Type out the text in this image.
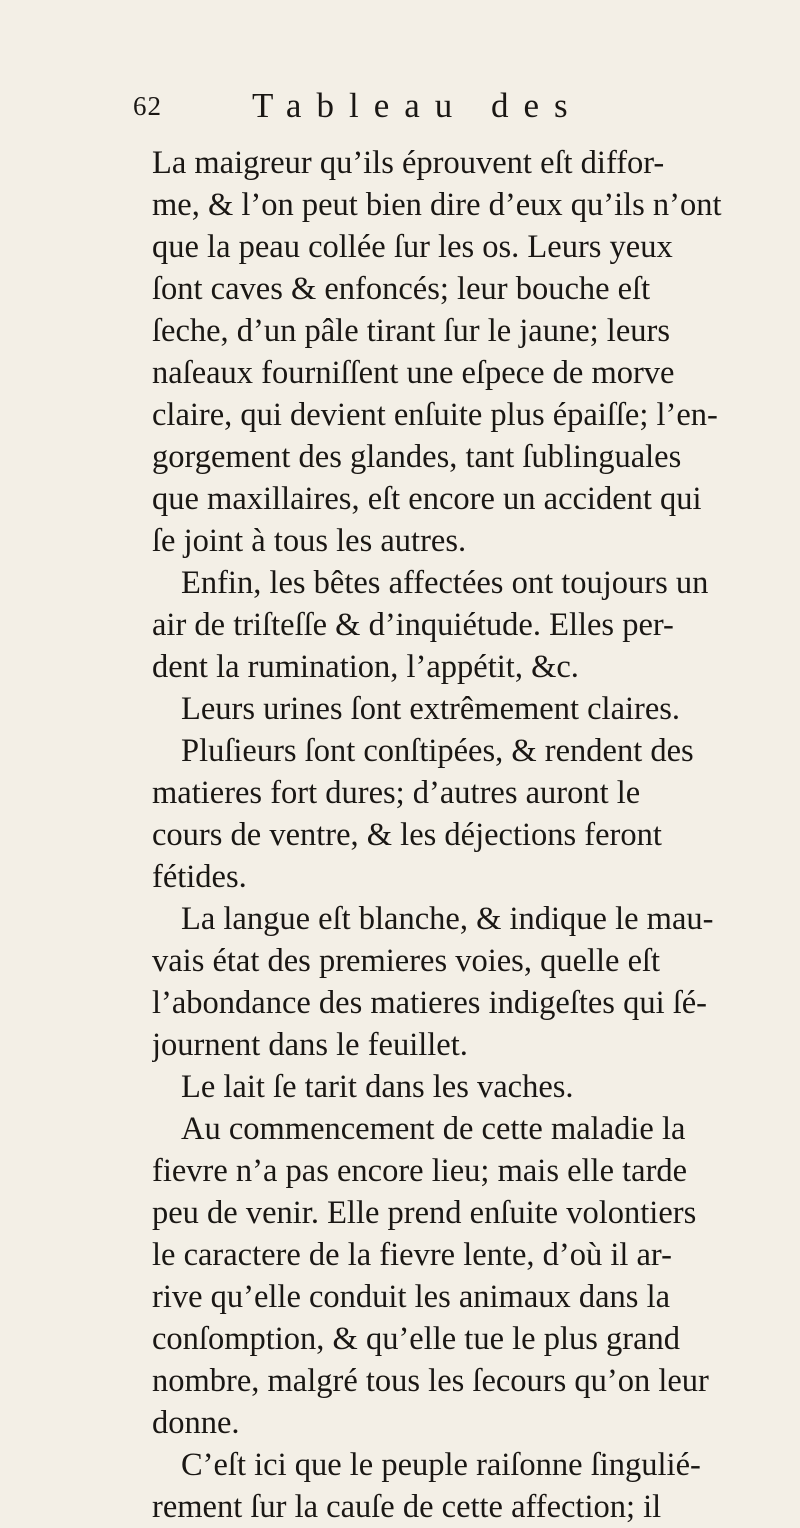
62	Tableau des
La maigreur qu’ils éprouvent eſt diffor-
me, & l’on peut bien dire d’eux qu’ils n’ont
que la peau collée ſur les os. Leurs yeux
ſont caves & enfoncés; leur bouche eſt
ſeche, d’un pâle tirant ſur le jaune; leurs
naſeaux fourniſſent une eſpece de morve
claire, qui devient enſuite plus épaiſſe; l’en-
gorgement des glandes, tant ſublinguales
que maxillaires, eſt encore un accident qui
ſe joint à tous les autres.
Enfin, les bêtes affectées ont toujours un
air de triſteſſe & d’inquiétude. Elles per-
dent la rumination, l’appétit, &c.
Leurs urines ſont extrêmement claires.
Pluſieurs ſont conſtipées, & rendent des
matieres fort dures; d’autres auront le
cours de ventre, & les déjections feront
fétides.
La langue eſt blanche, & indique le mau-
vais état des premieres voies, quelle eſt
l’abondance des matieres indigeſtes qui ſé-
journent dans le feuillet.
Le lait ſe tarit dans les vaches.
Au commencement de cette maladie la
fievre n’a pas encore lieu; mais elle tarde
peu de venir. Elle prend enſuite volontiers
le caractere de la fievre lente, d’où il ar-
rive qu’elle conduit les animaux dans la
conſomption, & qu’elle tue le plus grand
nombre, malgré tous les ſecours qu’on leur
donne.
C’eſt ici que le peuple raiſonne ſingulié-
rement ſur la cauſe de cette affection; il
